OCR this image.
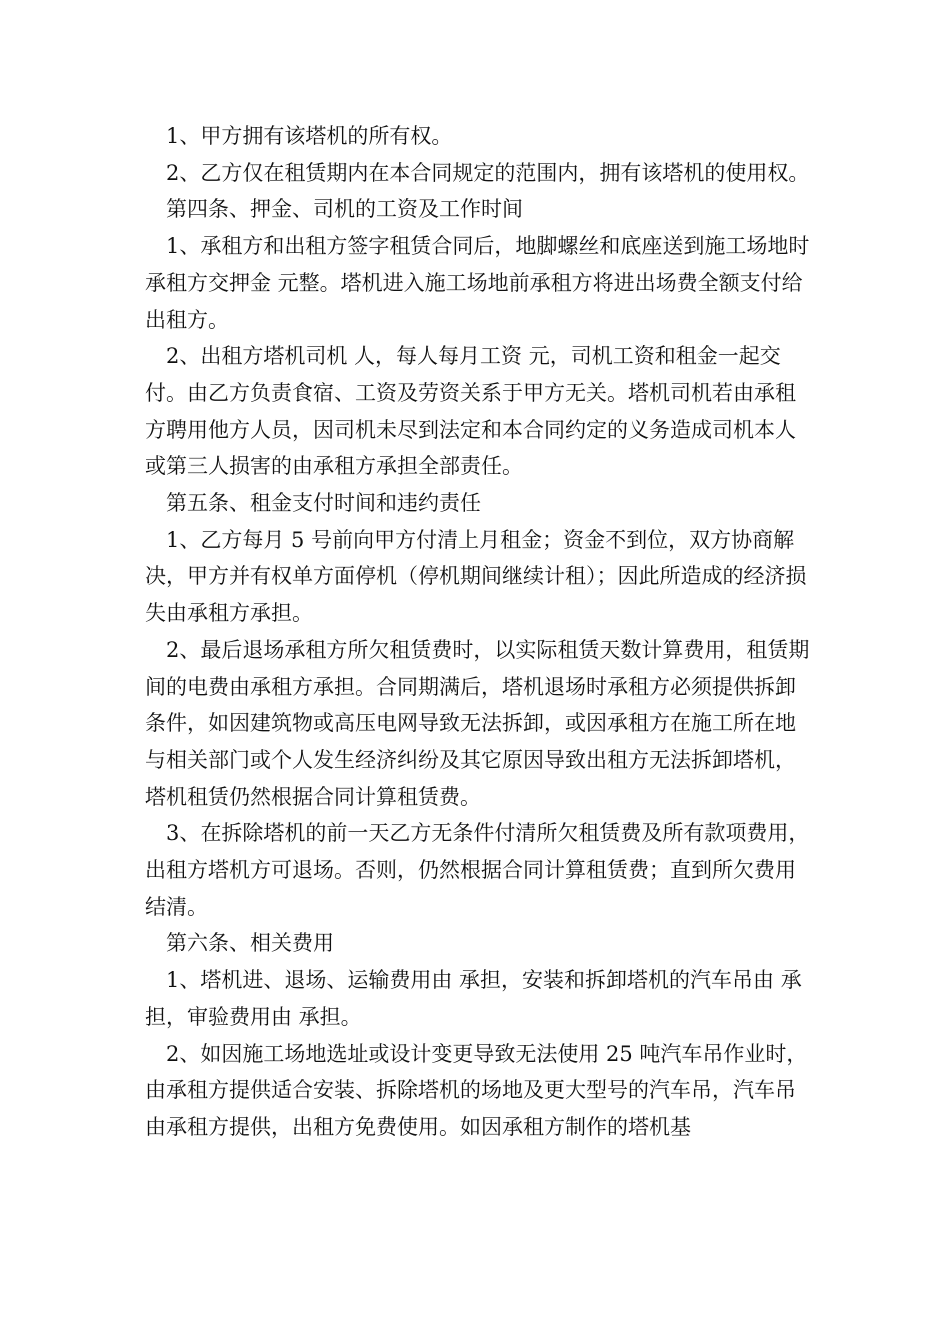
1、甲方拥有该塔机的所有权。

2、乙方仅在租赁期内在本合同规定的范围内，拥有该塔机的使用权。

第四条、押金、司机的工资及工作时间

1、承租方和出租方签字租赁合同后，地脚螺丝和底座送到施工场地时承租方交押金 元整。塔机进入施工场地前承租方将进出场费全额支付给出租方。

2、出租方塔机司机 人，每人每月工资 元，司机工资和租金一起交付。由乙方负责食宿、工资及劳资关系于甲方无关。塔机司机若由承租方聘用他方人员，因司机未尽到法定和本合同约定的义务造成司机本人或第三人损害的由承租方承担全部责任。

第五条、租金支付时间和违约责任

1、乙方每月 5 号前向甲方付清上月租金；资金不到位，双方协商解决，甲方并有权单方面停机（停机期间继续计租）；因此所造成的经济损失由承租方承担。

2、最后退场承租方所欠租赁费时，以实际租赁天数计算费用，租赁期间的电费由承租方承担。合同期满后，塔机退场时承租方必须提供拆卸条件，如因建筑物或高压电网导致无法拆卸，或因承租方在施工所在地与相关部门或个人发生经济纠纷及其它原因导致出租方无法拆卸塔机，塔机租赁仍然根据合同计算租赁费。

3、在拆除塔机的前一天乙方无条件付清所欠租赁费及所有款项费用，出租方塔机方可退场。否则，仍然根据合同计算租赁费；直到所欠费用结清。

第六条、相关费用

1、塔机进、退场、运输费用由 承担，安装和拆卸塔机的汽车吊由 承担，审验费用由 承担。

2、如因施工场地选址或设计变更导致无法使用 25 吨汽车吊作业时，由承租方提供适合安装、拆除塔机的场地及更大型号的汽车吊，汽车吊由承租方提供，出租方免费使用。如因承租方制作的塔机基
